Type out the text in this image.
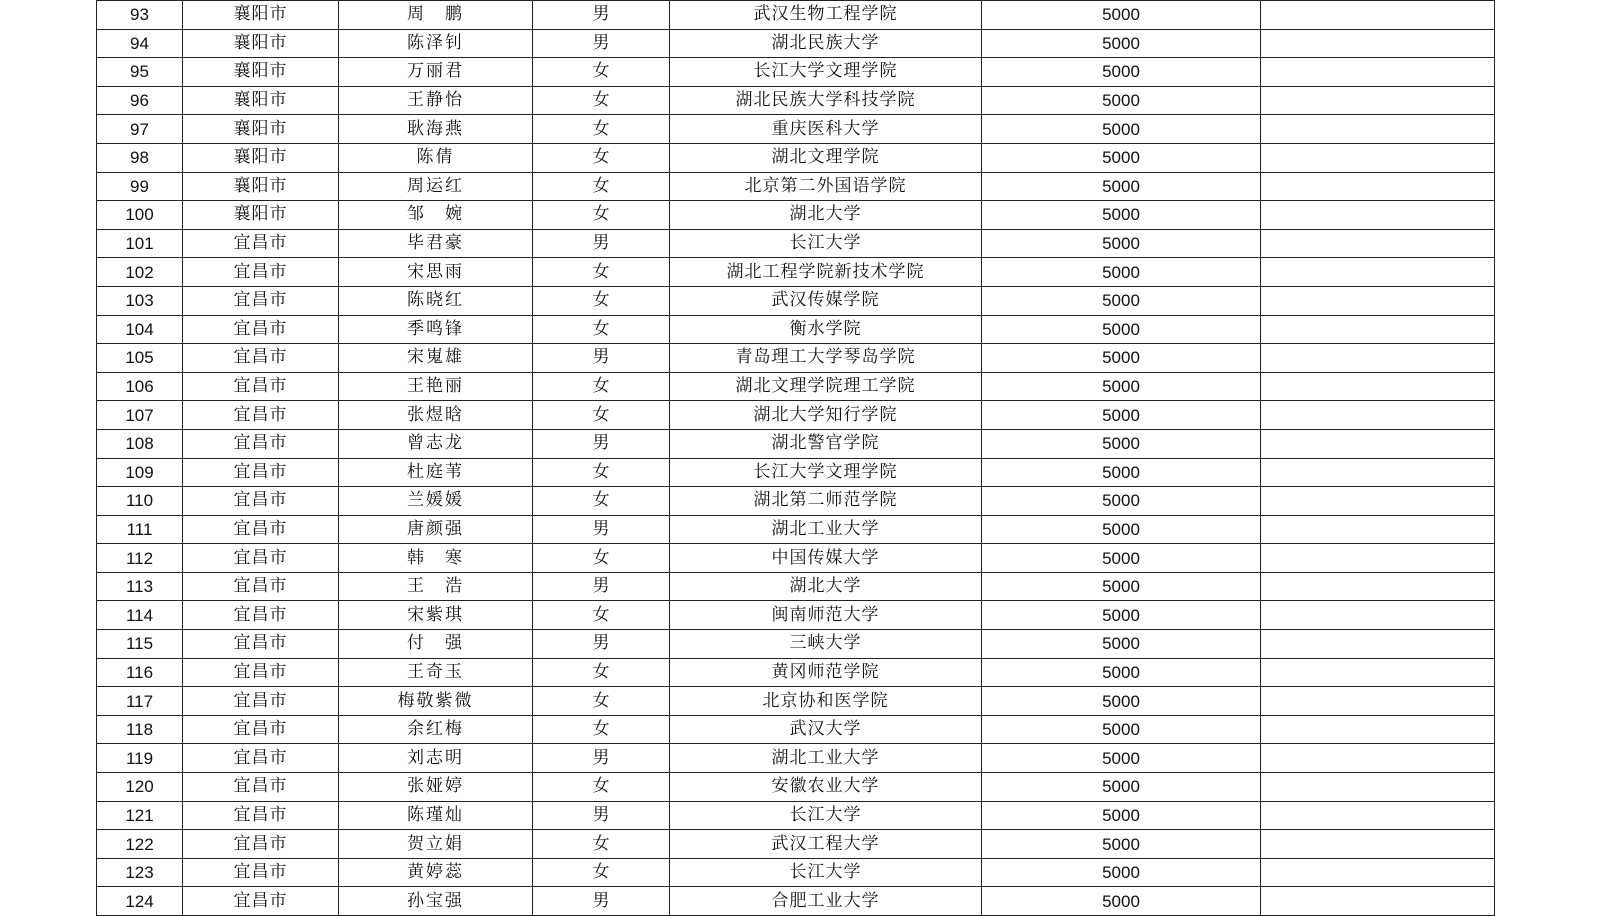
93	襄阳市	周　鹏	男	武汉生物工程学院	5000	
94	襄阳市	陈泽钊	男	湖北民族大学	5000	
95	襄阳市	万丽君	女	长江大学文理学院	5000	
96	襄阳市	王静怡	女	湖北民族大学科技学院	5000	
97	襄阳市	耿海燕	女	重庆医科大学	5000	
98	襄阳市	陈倩	女	湖北文理学院	5000	
99	襄阳市	周运红	女	北京第二外国语学院	5000	
100	襄阳市	邹　婉	女	湖北大学	5000	
101	宜昌市	毕君豪	男	长江大学	5000	
102	宜昌市	宋思雨	女	湖北工程学院新技术学院	5000	
103	宜昌市	陈晓红	女	武汉传媒学院	5000	
104	宜昌市	季鸣锋	女	衡水学院	5000	
105	宜昌市	宋嵬雄	男	青岛理工大学琴岛学院	5000	
106	宜昌市	王艳丽	女	湖北文理学院理工学院	5000	
107	宜昌市	张煜晗	女	湖北大学知行学院	5000	
108	宜昌市	曾志龙	男	湖北警官学院	5000	
109	宜昌市	杜庭苇	女	长江大学文理学院	5000	
110	宜昌市	兰媛媛	女	湖北第二师范学院	5000	
111	宜昌市	唐颜强	男	湖北工业大学	5000	
112	宜昌市	韩　寒	女	中国传媒大学	5000	
113	宜昌市	王　浩	男	湖北大学	5000	
114	宜昌市	宋紫琪	女	闽南师范大学	5000	
115	宜昌市	付　强	男	三峡大学	5000	
116	宜昌市	王奇玉	女	黄冈师范学院	5000	
117	宜昌市	梅敬紫微	女	北京协和医学院	5000	
118	宜昌市	余红梅	女	武汉大学	5000	
119	宜昌市	刘志明	男	湖北工业大学	5000	
120	宜昌市	张娅婷	女	安徽农业大学	5000	
121	宜昌市	陈瑾灿	男	长江大学	5000	
122	宜昌市	贺立娟	女	武汉工程大学	5000	
123	宜昌市	黄婷蕊	女	长江大学	5000	
124	宜昌市	孙宝强	男	合肥工业大学	5000	
